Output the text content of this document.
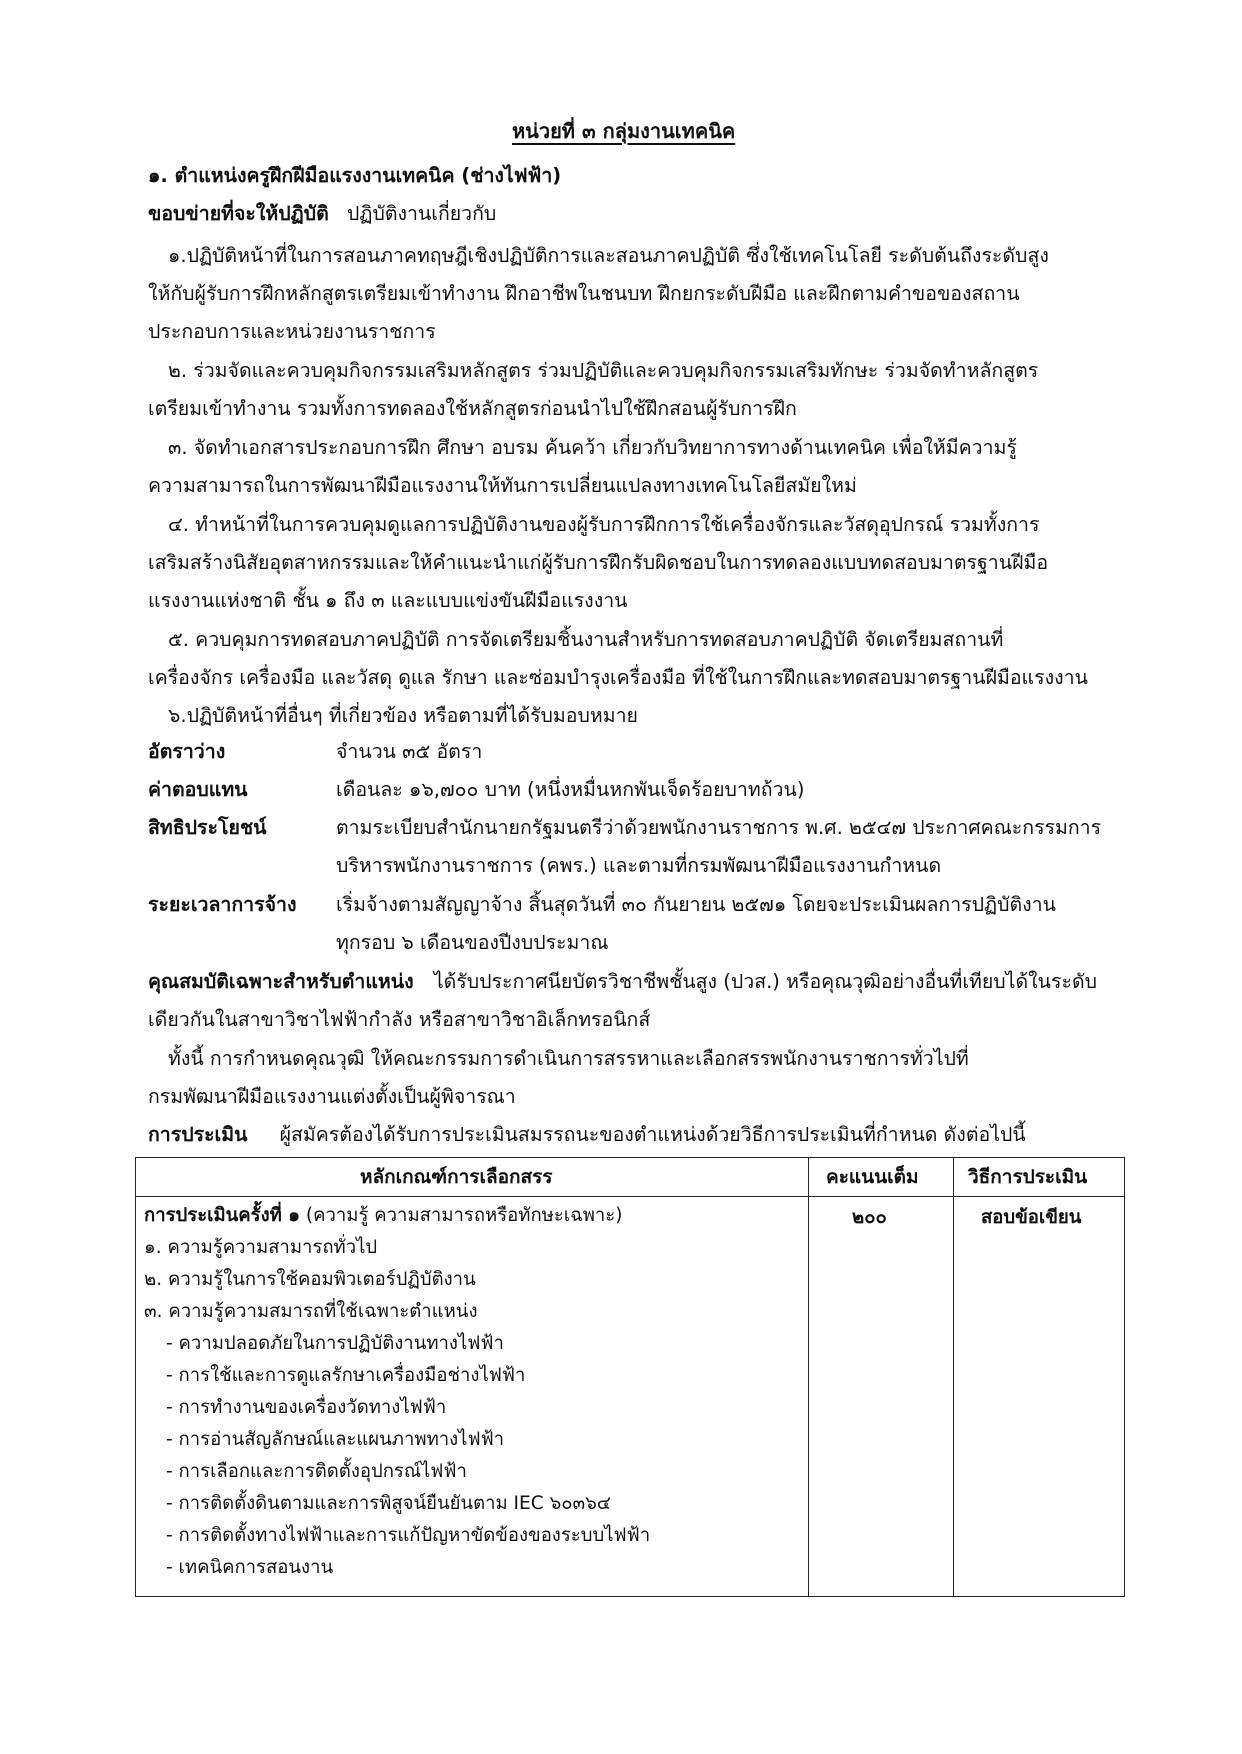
หน่วยที่ ๓ กลุ่มงานเทคนิค
๑. ตำแหน่งครูฝึกฝีมือแรงงานเทคนิค (ช่างไฟฟ้า)
ขอบข่ายที่จะให้ปฏิบัติ ปฏิบัติงานเกี่ยวกับ
๑.ปฏิบัติหน้าที่ในการสอนภาคทฤษฎีเชิงปฏิบัติการและสอนภาคปฏิบัติ ซึ่งใช้เทคโนโลยี ระดับต้นถึงระดับสูง
ให้กับผู้รับการฝึกหลักสูตรเตรียมเข้าทำงาน ฝึกอาชีพในชนบท ฝึกยกระดับฝีมือ และฝึกตามคำขอของสถาน
ประกอบการและหน่วยงานราชการ
๒. ร่วมจัดและควบคุมกิจกรรมเสริมหลักสูตร ร่วมปฏิบัติและควบคุมกิจกรรมเสริมทักษะ ร่วมจัดทำหลักสูตร
เตรียมเข้าทำงาน รวมทั้งการทดลองใช้หลักสูตรก่อนนำไปใช้ฝึกสอนผู้รับการฝึก
๓. จัดทำเอกสารประกอบการฝึก ศึกษา อบรม ค้นคว้า เกี่ยวกับวิทยาการทางด้านเทคนิค เพื่อให้มีความรู้
ความสามารถในการพัฒนาฝีมือแรงงานให้ทันการเปลี่ยนแปลงทางเทคโนโลยีสมัยใหม่
๔. ทำหน้าที่ในการควบคุมดูแลการปฏิบัติงานของผู้รับการฝึกการใช้เครื่องจักรและวัสดุอุปกรณ์ รวมทั้งการ
เสริมสร้างนิสัยอุตสาหกรรมและให้คำแนะนำแก่ผู้รับการฝึกรับผิดชอบในการทดลองแบบทดสอบมาตรฐานฝีมือ
แรงงานแห่งชาติ ชั้น ๑ ถึง ๓ และแบบแข่งขันฝีมือแรงงาน
๕. ควบคุมการทดสอบภาคปฏิบัติ การจัดเตรียมชิ้นงานสำหรับการทดสอบภาคปฏิบัติ จัดเตรียมสถานที่
เครื่องจักร เครื่องมือ และวัสดุ ดูแล รักษา และซ่อมบำรุงเครื่องมือ ที่ใช้ในการฝึกและทดสอบมาตรฐานฝีมือแรงงาน
๖.ปฏิบัติหน้าที่อื่นๆ ที่เกี่ยวข้อง หรือตามที่ได้รับมอบหมาย
อัตราว่าง	จำนวน ๓๕ อัตรา
ค่าตอบแทน	เดือนละ ๑๖,๗๐๐ บาท (หนึ่งหมื่นหกพันเจ็ดร้อยบาทถ้วน)
สิทธิประโยชน์	ตามระเบียบสำนักนายกรัฐมนตรีว่าด้วยพนักงานราชการ พ.ศ. ๒๕๔๗ ประกาศคณะกรรมการ
บริหารพนักงานราชการ (คพร.) และตามที่กรมพัฒนาฝีมือแรงงานกำหนด
ระยะเวลาการจ้าง เริ่มจ้างตามสัญญาจ้าง สิ้นสุดวันที่ ๓๐ กันยายน ๒๕๗๑ โดยจะประเมินผลการปฏิบัติงาน
ทุกรอบ ๖ เดือนของปีงบประมาณ
คุณสมบัติเฉพาะสำหรับตำแหน่ง ได้รับประกาศนียบัตรวิชาชีพชั้นสูง (ปวส.) หรือคุณวุฒิอย่างอื่นที่เทียบได้ในระดับ
เดียวกันในสาขาวิชาไฟฟ้ากำลัง หรือสาขาวิชาอิเล็กทรอนิกส์
ทั้งนี้ การกำหนดคุณวุฒิ ให้คณะกรรมการดำเนินการสรรหาและเลือกสรรพนักงานราชการทั่วไปที่
กรมพัฒนาฝีมือแรงงานแต่งตั้งเป็นผู้พิจารณา
การประเมิน ผู้สมัครต้องได้รับการประเมินสมรรถนะของตำแหน่งด้วยวิธีการประเมินที่กำหนด ดังต่อไปนี้
หลักเกณฑ์การเลือกสรร	คะแนนเต็ม	วิธีการประเมิน
การประเมินครั้งที่ ๑ (ความรู้ ความสามารถหรือทักษะเฉพาะ)	๒๐๐	สอบข้อเขียน
๑. ความรู้ความสามารถทั่วไป
๒. ความรู้ในการใช้คอมพิวเตอร์ปฏิบัติงาน
๓. ความรู้ความสมารถที่ใช้เฉพาะตำแหน่ง
- ความปลอดภัยในการปฏิบัติงานทางไฟฟ้า
- การใช้และการดูแลรักษาเครื่องมือช่างไฟฟ้า
- การทำงานของเครื่องวัดทางไฟฟ้า
- การอ่านสัญลักษณ์และแผนภาพทางไฟฟ้า
- การเลือกและการติดตั้งอุปกรณ์ไฟฟ้า
- การติดตั้งดินตามและการพิสูจน์ยืนยันตาม IEC ๖๐๓๖๔
- การติดตั้งทางไฟฟ้าและการแก้ปัญหาขัดข้องของระบบไฟฟ้า
- เทคนิคการสอนงาน
